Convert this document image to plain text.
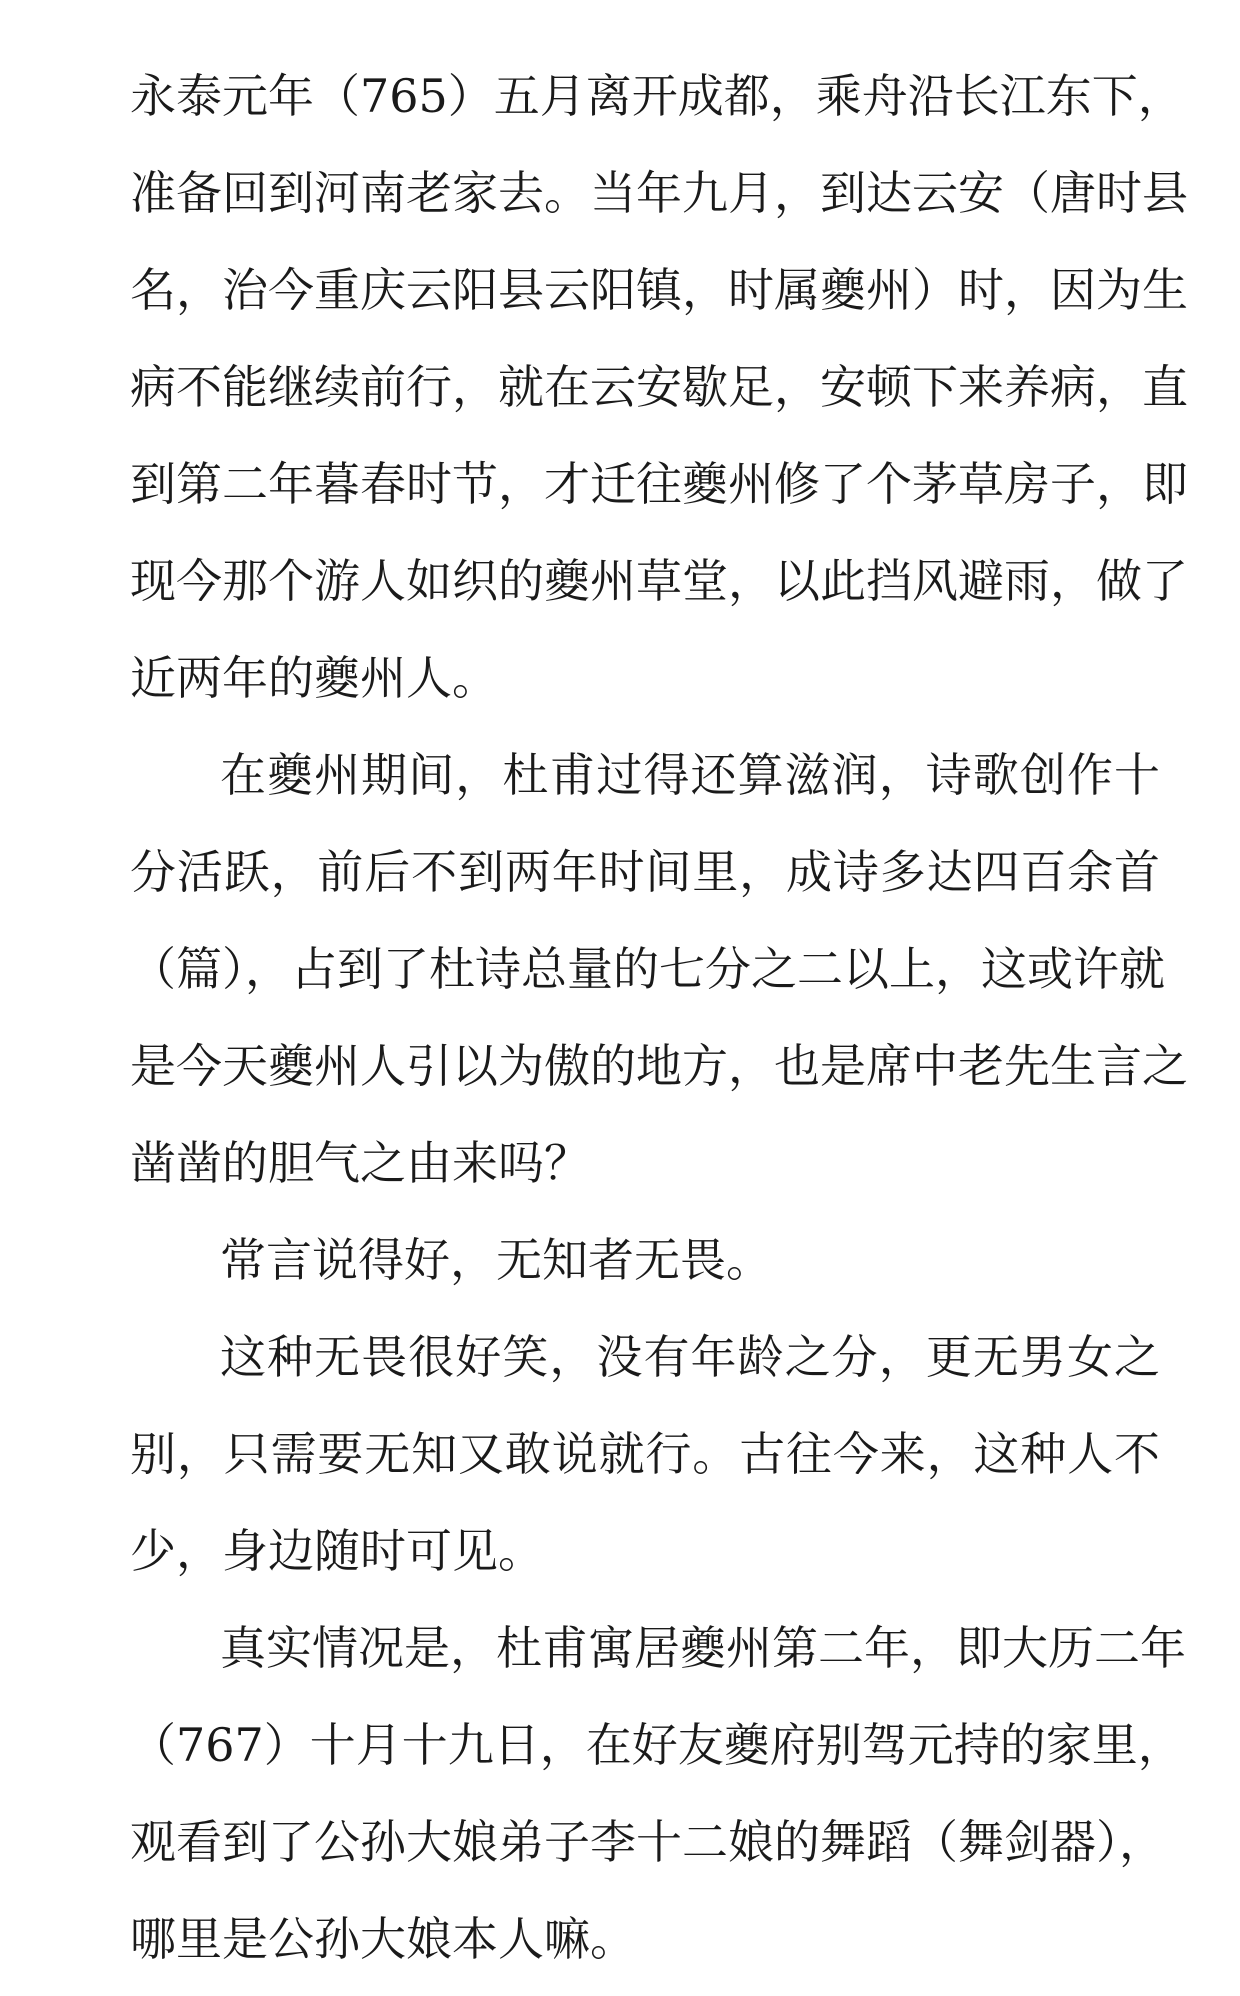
永泰元年（765）五月离开成都，乘舟沿长江东下，
准备回到河南老家去。当年九月，到达云安（唐时县
名，治今重庆云阳县云阳镇，时属夔州）时，因为生
病不能继续前行，就在云安歇足，安顿下来养病，直
到第二年暮春时节，才迁往夔州修了个茅草房子，即
现今那个游人如织的夔州草堂，以此挡风避雨，做了
近两年的夔州人。
在夔州期间，杜甫过得还算滋润，诗歌创作十
分活跃，前后不到两年时间里，成诗多达四百余首
（篇），占到了杜诗总量的七分之二以上，这或许就
是今天夔州人引以为傲的地方，也是席中老先生言之
凿凿的胆气之由来吗？
常言说得好，无知者无畏。
这种无畏很好笑，没有年龄之分，更无男女之
别，只需要无知又敢说就行。古往今来，这种人不
少，身边随时可见。
真实情况是，杜甫寓居夔州第二年，即大历二年
（767）十月十九日，在好友夔府别驾元持的家里，
观看到了公孙大娘弟子李十二娘的舞蹈（舞剑器），
哪里是公孙大娘本人嘛。
